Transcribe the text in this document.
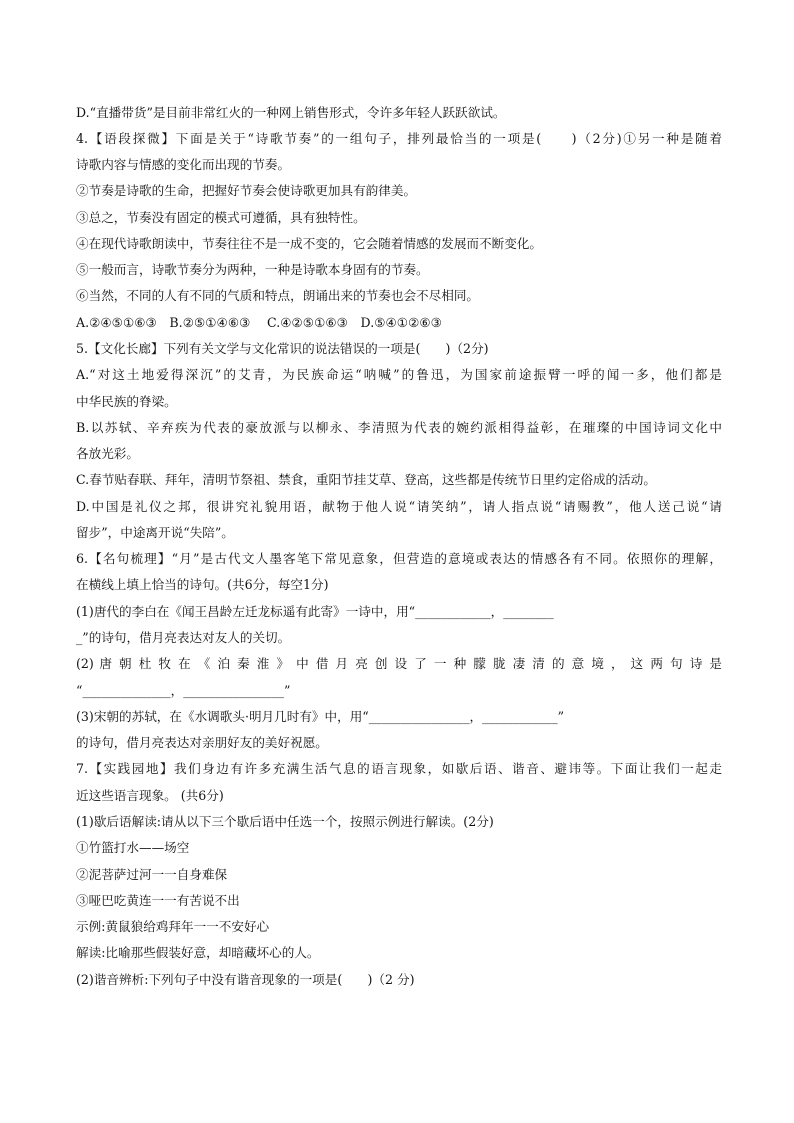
D.“直播带货”是目前非常红火的一种网上销售形式，令许多年轻人跃跃欲试。
4.【语段探微】下面是关于“诗歌节奏”的一组句子，排列最恰当的一项是(　　)（2分)①另一种是随着
诗歌内容与情感的变化而出现的节奏。
②节奏是诗歌的生命，把握好节奏会使诗歌更加具有韵律美。
③总之，节奏没有固定的模式可遵循，具有独特性。
④在现代诗歌朗读中，节奏往往不是一成不变的，它会随着情感的发展而不断变化。
⑤一般而言，诗歌节奏分为两种，一种是诗歌本身固有的节奏。
⑥当然，不同的人有不同的气质和特点，朗诵出来的节奏也会不尽相同。
A.②④⑤①⑥③　B.②⑤①④⑥③　 C.④②⑤①⑥③　D.⑤④①②⑥③
5.【文化长廊】下列有关文学与文化常识的说法错误的一项是(　　)（2分)
A.“对这土地爱得深沉”的艾青，为民族命运“呐喊”的鲁迅，为国家前途振臂一呼的闻一多，他们都是
中华民族的脊梁。
B.以苏轼、辛弃疾为代表的豪放派与以柳永、李清照为代表的婉约派相得益彰，在璀璨的中国诗词文化中
各放光彩。
C.春节贴春联、拜年，清明节祭祖、禁食，重阳节挂艾草、登高，这些都是传统节日里约定俗成的活动。
D.中国是礼仪之邦，很讲究礼貌用语，献物于他人说“请笑纳”，请人指点说“请赐教”，他人送己说“请
留步”，中途离开说“失陪”。
6.【名句梳理】“月”是古代文人墨客笔下常见意象，但营造的意境或表达的情感各有不同。依照你的理解，
在横线上填上恰当的诗句。(共6分，每空1分)
(1)唐代的李白在《闻王昌龄左迁龙标遥有此寄》一诗中，用“____________，________
_”的诗句，借月亮表达对友人的关切。
(2) 唐 朝 杜 牧 在 《 泊 秦 淮 》 中 借 月 亮 创 设 了 一 种 朦 胧 凄 清 的 意 境 ， 这 两 句 诗 是
“______________，________________”
(3)宋朝的苏轼，在《水调歌头·明月几时有》中，用“________________，____________”
的诗句，借月亮表达对亲朋好友的美好祝愿。
7.【实践园地】我们身边有许多充满生活气息的语言现象，如歇后语、谐音、避讳等。下面让我们一起走
近这些语言现象。 (共6分)
(1)歇后语解读:请从以下三个歇后语中任选一个，按照示例进行解读。(2分)
①竹篮打水——场空
②泥菩萨过河一一自身难保
③哑巴吃黄连一一有苦说不出
示例:黄鼠狼给鸡拜年一一不安好心
解读:比喻那些假装好意，却暗藏坏心的人。
(2)谐音辨析:下列句子中没有谐音现象的一项是(　　)（2 分)
